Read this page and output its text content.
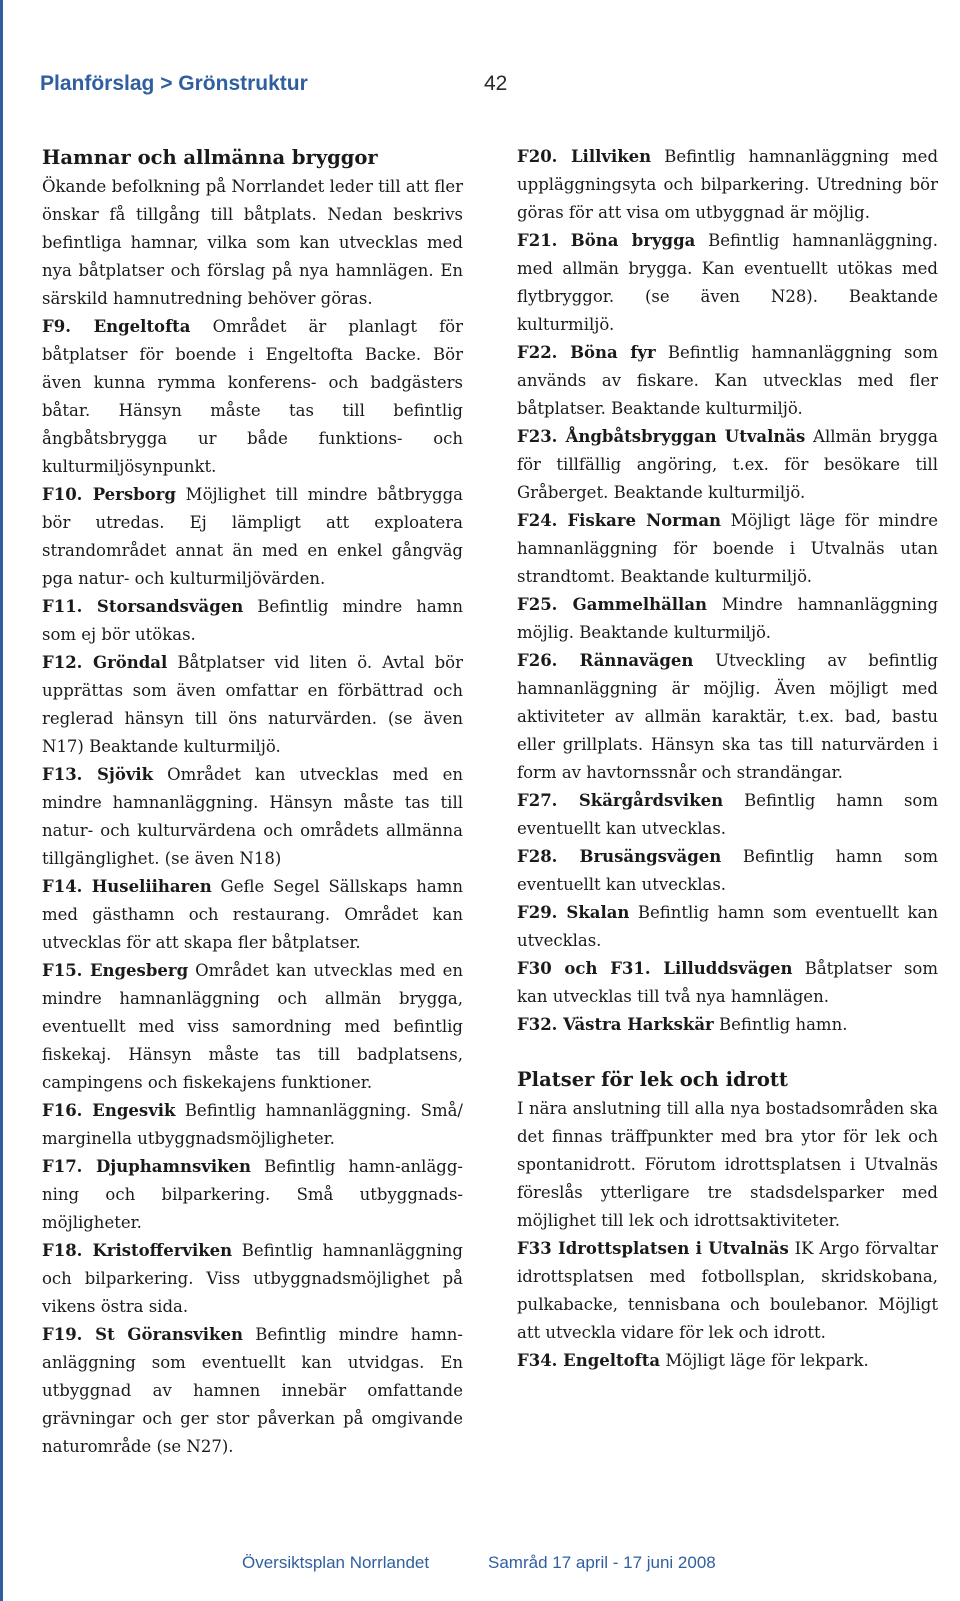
Planförslag > Grönstruktur	42
Hamnar och allmänna bryggor

Ökande befolkning på Norrlandet leder till att fler önskar få tillgång till båtplats. Nedan beskrivs befintliga hamnar, vilka som kan utvecklas med nya båtplatser och förslag på nya hamnlägen. En särskild hamnutredning behöver göras.

F9. Engeltofta Området är planlagt för båtplatser för boende i Engeltofta Backe. Bör även kunna rymma konferens- och badgästers båtar. Hänsyn måste tas till befintlig ångbåtsbrygga ur både funktions- och kulturmiljösynpunkt.

F10. Persborg Möjlighet till mindre båtbrygga bör utredas. Ej lämpligt att exploatera strandområdet annat än med en enkel gångväg pga natur- och kulturmiljövärden.

F11. Storsandsvägen Befintlig mindre hamn som ej bör utökas.

F12. Gröndal Båtplatser vid liten ö. Avtal bör upprättas som även omfattar en förbättrad och reglerad hänsyn till öns naturvärden. (se även N17) Beaktande kulturmiljö.

F13. Sjövik Området kan utvecklas med en mindre hamnanläggning. Hänsyn måste tas till natur- och kulturvärdena och områdets allmänna tillgänglighet. (se även N18)

F14. Huseliiharen Gefle Segel Sällskaps hamn med gästhamn och restaurang. Området kan utvecklas för att skapa fler båtplatser.

F15. Engesberg Området kan utvecklas med en mindre hamnanläggning och allmän brygga, eventuellt med viss samordning med befintlig fiskekaj. Hänsyn måste tas till badplatsens, campingens och fiskekajens funktioner.

F16. Engesvik Befintlig hamnanläggning. Små/ marginella utbyggnadsmöjligheter.

F17. Djuphamnsviken Befintlig hamn-anlägg-ning och bilparkering. Små utbyggnads-möjligheter.

F18. Kristofferviken Befintlig hamnanläggning och bilparkering. Viss utbyggnadsmöjlighet på vikens östra sida.

F19. St Göransviken Befintlig mindre hamn-anläggning som eventuellt kan utvidgas. En utbyggnad av hamnen innebär omfattande grävningar och ger stor påverkan på omgivande naturområde (se N27).

F20. Lillviken Befintlig hamnanläggning med uppläggningsyta och bilparkering. Utredning bör göras för att visa om utbyggnad är möjlig.

F21. Böna brygga Befintlig hamnanläggning. med allmän brygga. Kan eventuellt utökas med flytbryggor. (se även N28). Beaktande kulturmiljö.

F22. Böna fyr Befintlig hamnanläggning som används av fiskare. Kan utvecklas med fler båtplatser. Beaktande kulturmiljö.

F23. Ångbåtsbryggan Utvalnäs Allmän brygga för tillfällig angöring, t.ex. för besökare till Gråberget. Beaktande kulturmiljö.

F24. Fiskare Norman Möjligt läge för mindre hamnanläggning för boende i Utvalnäs utan strandtomt. Beaktande kulturmiljö.

F25. Gammelhällan Mindre hamnanläggning möjlig. Beaktande kulturmiljö.

F26. Rännavägen Utveckling av befintlig hamnanläggning är möjlig. Även möjligt med aktiviteter av allmän karaktär, t.ex. bad, bastu eller grillplats. Hänsyn ska tas till naturvärden i form av havtornssnår och strandängar.

F27. Skärgårdsviken Befintlig hamn som eventuellt kan utvecklas.

F28. Brusängsvägen Befintlig hamn som eventuellt kan utvecklas.

F29. Skalan Befintlig hamn som eventuellt kan utvecklas.

F30 och F31. Lilluddsvägen Båtplatser som kan utvecklas till två nya hamnlägen.

F32. Västra Harkskär Befintlig hamn.

Platser för lek och idrott

I nära anslutning till alla nya bostadsområden ska det finnas träffpunkter med bra ytor för lek och spontanidrott. Förutom idrottsplatsen i Utvalnäs föreslås ytterligare tre stadsdelsparker med möjlighet till lek och idrottsaktiviteter.

F33 Idrottsplatsen i Utvalnäs IK Argo förvaltar idrottsplatsen med fotbollsplan, skridskobana, pulkabacke, tennisbana och boulebanor. Möjligt att utveckla vidare för lek och idrott.

F34. Engeltofta Möjligt läge för lekpark.

Översiktsplan Norrlandet	Samråd 17 april - 17 juni 2008
